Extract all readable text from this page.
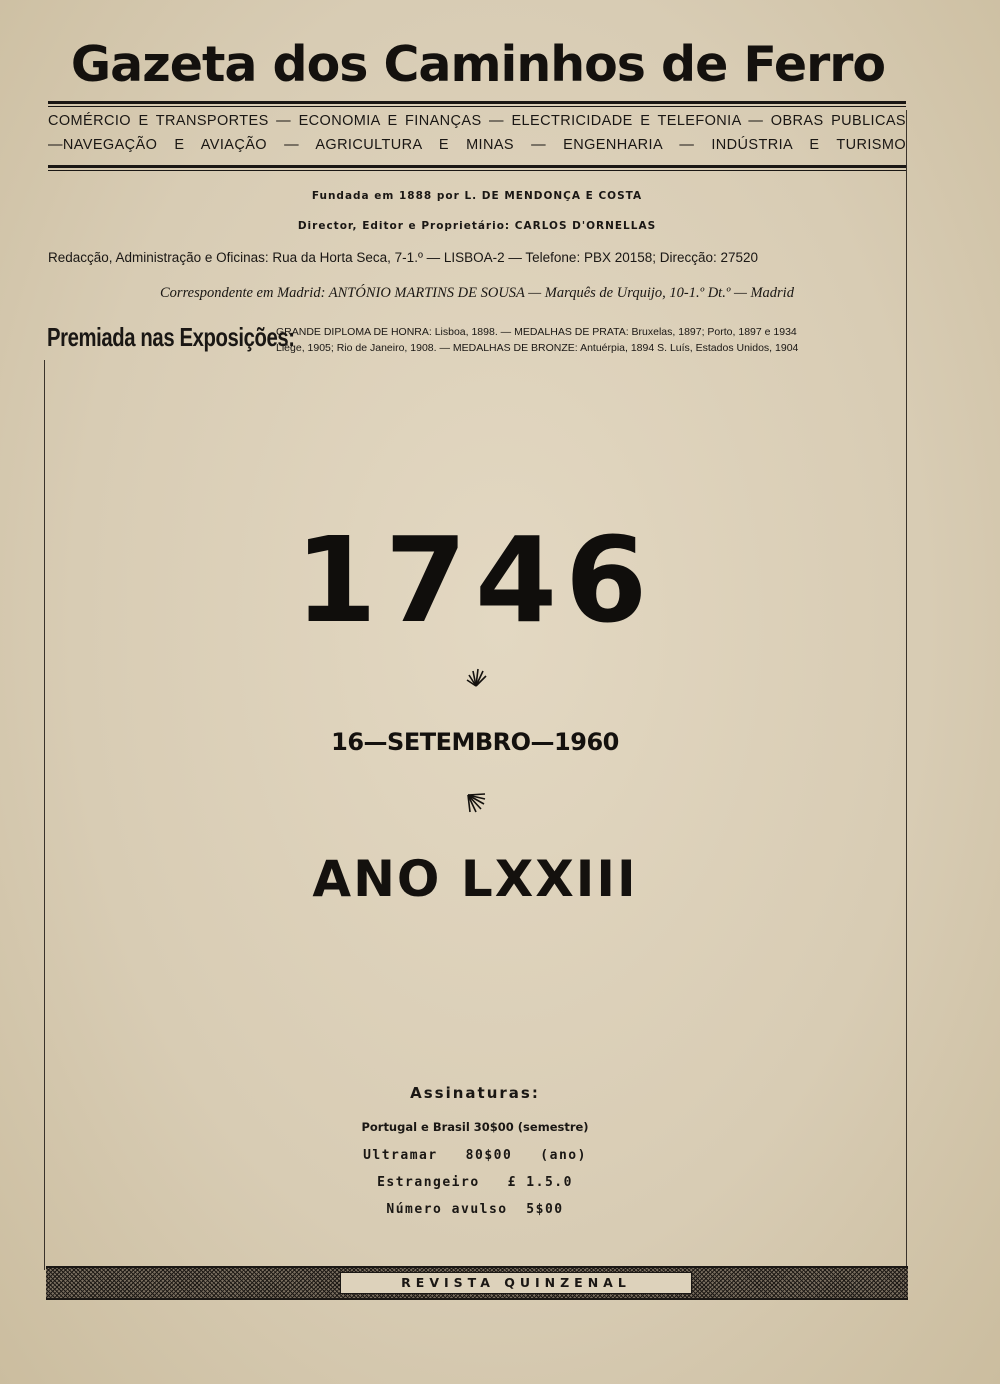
Gazeta dos Caminhos de Ferro
COMÉRCIO E TRANSPORTES — ECONOMIA E FINANÇAS — ELECTRICIDADE E TELEFONIA — OBRAS PUBLICAS
—NAVEGAÇÃO E AVIAÇÃO — AGRICULTURA E MINAS — ENGENHARIA — INDÚSTRIA E TURISMO
Fundada em 1888 por L. DE MENDONÇA E COSTA
Director, Editor e Proprietário: CARLOS D'ORNELLAS
Redacção, Administração e Oficinas: Rua da Horta Seca, 7-1.º — LISBOA-2 — Telefone: PBX 20158; Direcção: 27520
Correspondente em Madrid: ANTÓNIO MARTINS DE SOUSA — Marquês de Urquijo, 10-1.º Dt.º — Madrid
Premiada nas Exposições:
GRANDE DIPLOMA DE HONRA: Lisboa, 1898. — MEDALHAS DE PRATA: Bruxelas, 1897; Porto, 1897 e 1934
Liège, 1905; Rio de Janeiro, 1908. — MEDALHAS DE BRONZE: Antuérpia, 1894 S. Luís, Estados Unidos, 1904
1746
16—SETEMBRO—1960
ANO LXXIII
Assinaturas:
Portugal e Brasil 30$00 (semestre)
Ultramar   80$00   (ano)
Estrangeiro   £ 1.5.0
Número avulso  5$00
REVISTA QUINZENAL
